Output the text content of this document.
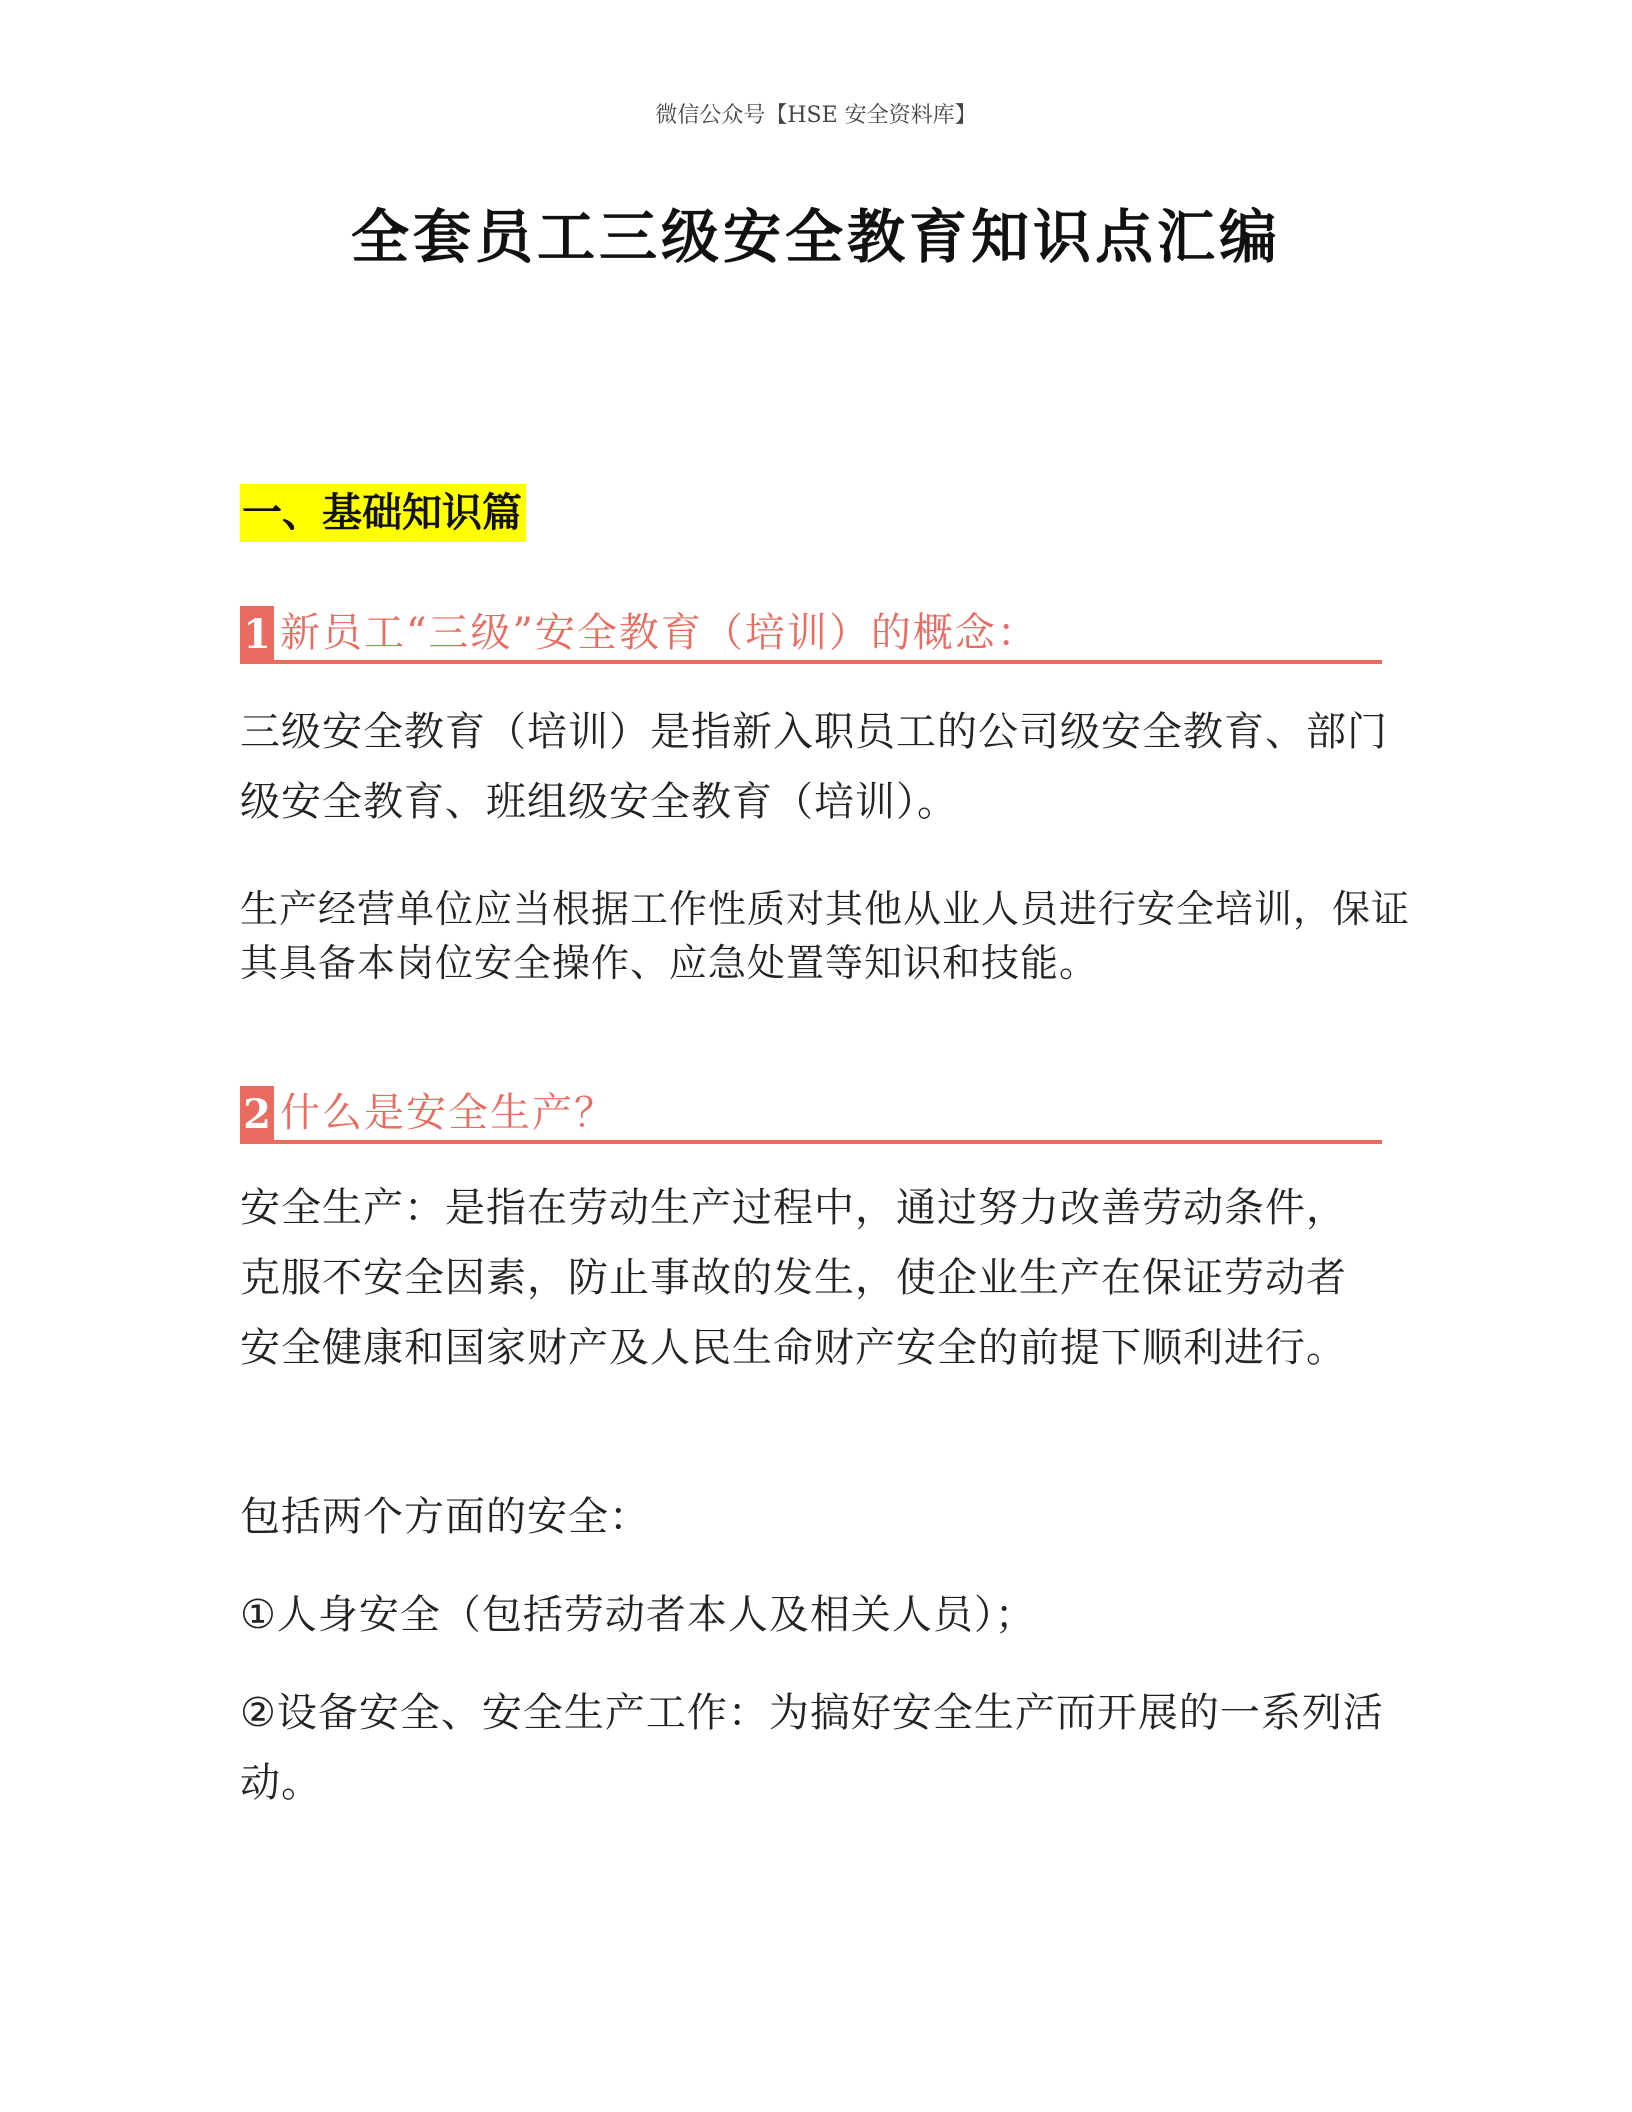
微信公众号【HSE 安全资料库】
全套员工三级安全教育知识点汇编
一、基础知识篇
1 新员工“三级”安全教育（培训）的概念：

三级安全教育（培训）是指新入职员工的公司级安全教育、部门级安全教育、班组级安全教育（培训）。

生产经营单位应当根据工作性质对其他从业人员进行安全培训，保证其具备本岗位安全操作、应急处置等知识和技能。

2 什么是安全生产？

安全生产：是指在劳动生产过程中，通过努力改善劳动条件，克服不安全因素，防止事故的发生，使企业生产在保证劳动者安全健康和国家财产及人民生命财产安全的前提下顺利进行。

包括两个方面的安全：

①人身安全（包括劳动者本人及相关人员）；

②设备安全、安全生产工作：为搞好安全生产而开展的一系列活动。
